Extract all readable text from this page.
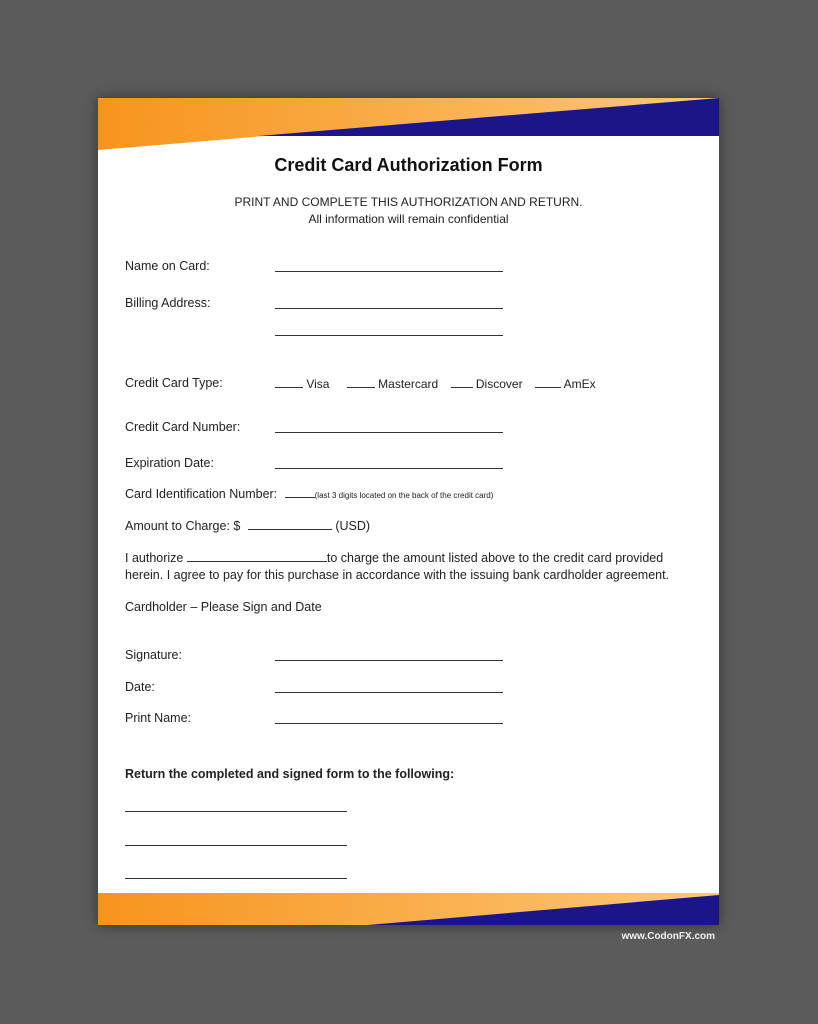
Credit Card Authorization Form
PRINT AND COMPLETE THIS AUTHORIZATION AND RETURN.
All information will remain confidential
Name on Card:
Billing Address:
Credit Card Type:	Visa	Mastercard	Discover	AmEx
Credit Card Number:
Expiration Date:
Card Identification Number:	(last 3 digits located on the back of the credit card)
Amount to Charge: $	(USD)
I authorize	to charge the amount listed above to the credit card provided
herein. I agree to pay for this purchase in accordance with the issuing bank cardholder agreement.
Cardholder – Please Sign and Date
Signature:
Date:
Print Name:
Return the completed and signed form to the following:
www.CodonFX.com
